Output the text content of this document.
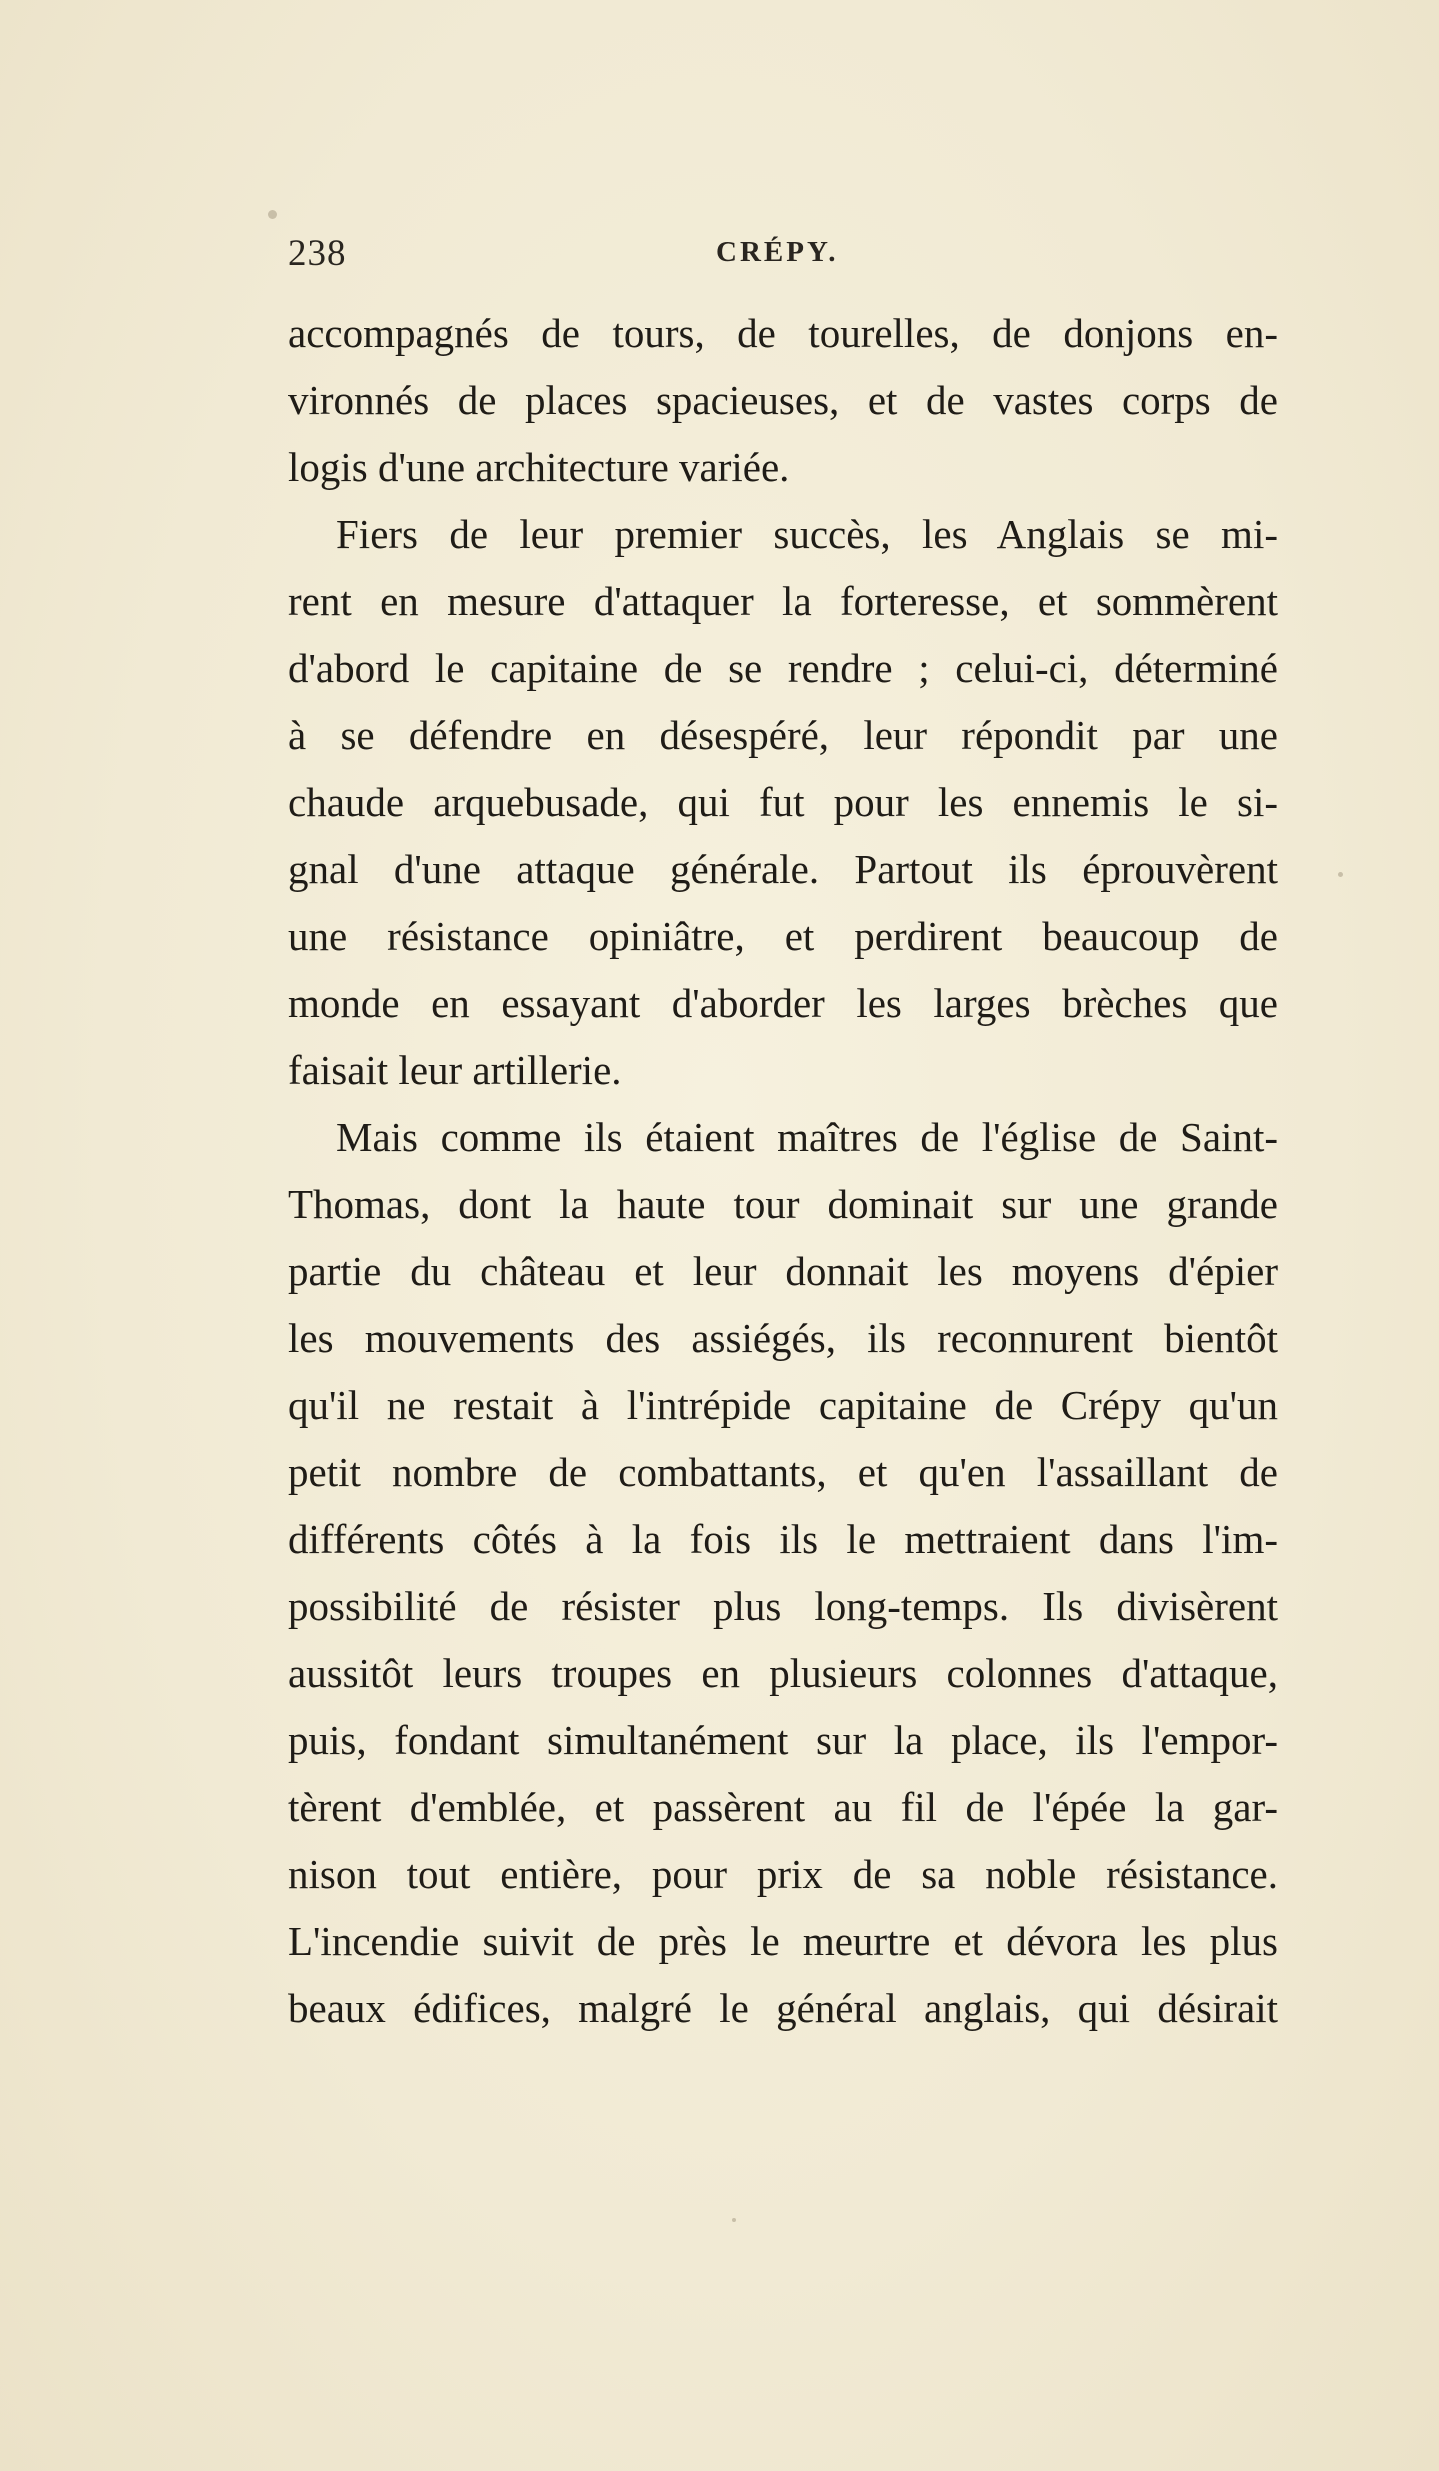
238	CRÉPY.
accompagnés de tours, de tourelles, de donjons en-
vironnés de places spacieuses, et de vastes corps de
logis d'une architecture variée.
Fiers de leur premier succès, les Anglais se mi-
rent en mesure d'attaquer la forteresse, et sommèrent
d'abord le capitaine de se rendre ; celui-ci, déterminé
à se défendre en désespéré, leur répondit par une
chaude arquebusade, qui fut pour les ennemis le si-
gnal d'une attaque générale. Partout ils éprouvèrent
une résistance opiniâtre, et perdirent beaucoup de
monde en essayant d'aborder les larges brèches que
faisait leur artillerie.
Mais comme ils étaient maîtres de l'église de Saint-
Thomas, dont la haute tour dominait sur une grande
partie du château et leur donnait les moyens d'épier
les mouvements des assiégés, ils reconnurent bientôt
qu'il ne restait à l'intrépide capitaine de Crépy qu'un
petit nombre de combattants, et qu'en l'assaillant de
différents côtés à la fois ils le mettraient dans l'im-
possibilité de résister plus long-temps. Ils divisèrent
aussitôt leurs troupes en plusieurs colonnes d'attaque,
puis, fondant simultanément sur la place, ils l'empor-
tèrent d'emblée, et passèrent au fil de l'épée la gar-
nison tout entière, pour prix de sa noble résistance.
L'incendie suivit de près le meurtre et dévora les plus
beaux édifices, malgré le général anglais, qui désirait
